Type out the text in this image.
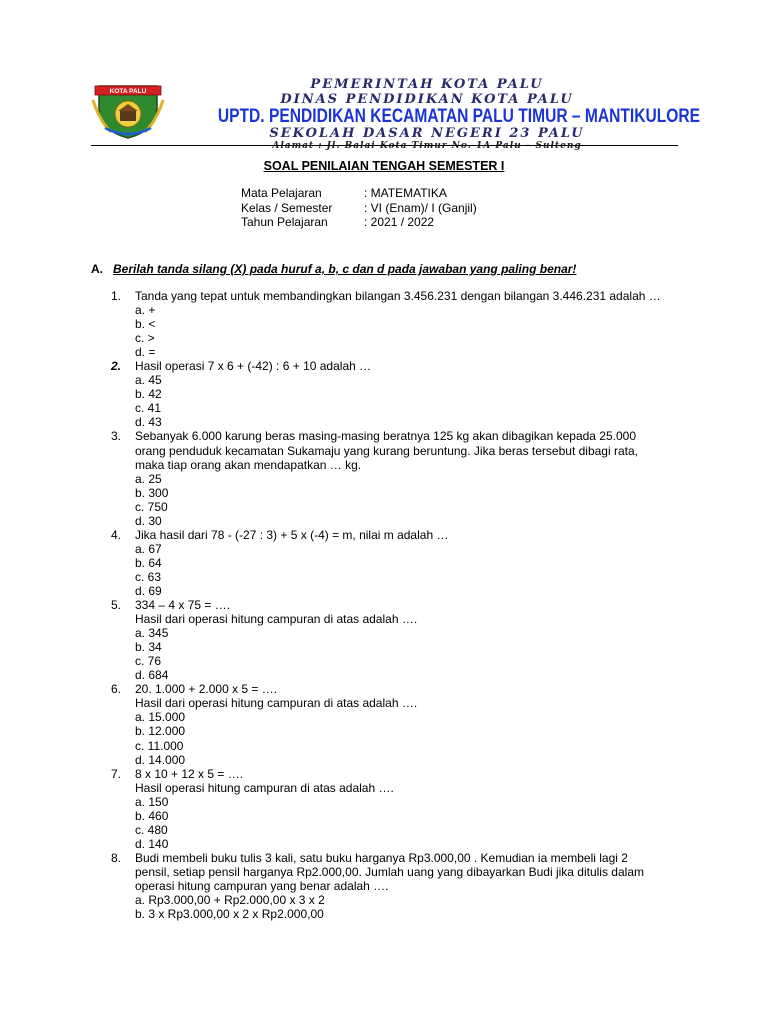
KOTA PALU	PEMERINTAH KOTA PALU
DINAS PENDIDIKAN KOTA PALU
UPTD. PENDIDIKAN KECAMATAN PALU TIMUR – MANTIKULORE
SEKOLAH DASAR NEGERI 23 PALU
Alamat : Jl. Balai Kota Timur No. 1A Palu – Sulteng
SOAL PENILAIAN TENGAH SEMESTER I
Mata Pelajaran	: MATEMATIKA
Kelas / Semester	: VI (Enam)/ I (Ganjil)
Tahun Pelajaran	: 2021 / 2022
A. Berilah tanda silang (X) pada huruf a, b, c dan d pada jawaban yang paling benar!
1.	Tanda yang tepat untuk membandingkan bilangan 3.456.231 dengan bilangan 3.446.231 adalah …
a. +
b. <
c. >
d. =
2.	Hasil operasi 7 x 6 + (-42) : 6 + 10 adalah …
a. 45
b. 42
c. 41
d. 43
3.	Sebanyak 6.000 karung beras masing-masing beratnya 125 kg akan dibagikan kepada 25.000
orang penduduk kecamatan Sukamaju yang kurang beruntung. Jika beras tersebut dibagi rata,
maka tiap orang akan mendapatkan … kg.
a. 25
b. 300
c. 750
d. 30
4.	Jika hasil dari 78 - (-27 : 3) + 5 x (-4) = m, nilai m adalah …
a. 67
b. 64
c. 63
d. 69
5.	334 – 4 x 75 = ….
Hasil dari operasi hitung campuran di atas adalah ….
a. 345
b. 34
c. 76
d. 684
6.	20. 1.000 + 2.000 x 5 = ….
Hasil dari operasi hitung campuran di atas adalah ….
a. 15.000
b. 12.000
c. 11.000
d. 14.000
7.	8 x 10 + 12 x 5 = ….
Hasil operasi hitung campuran di atas adalah ….
a. 150
b. 460
c. 480
d. 140
8.	Budi membeli buku tulis 3 kali, satu buku harganya Rp3.000,00 . Kemudian ia membeli lagi 2
pensil, setiap pensil harganya Rp2.000,00. Jumlah uang yang dibayarkan Budi jika ditulis dalam
operasi hitung campuran yang benar adalah ….
a. Rp3.000,00 + Rp2.000,00 x 3 x 2
b. 3 x Rp3.000,00 x 2 x Rp2.000,00
